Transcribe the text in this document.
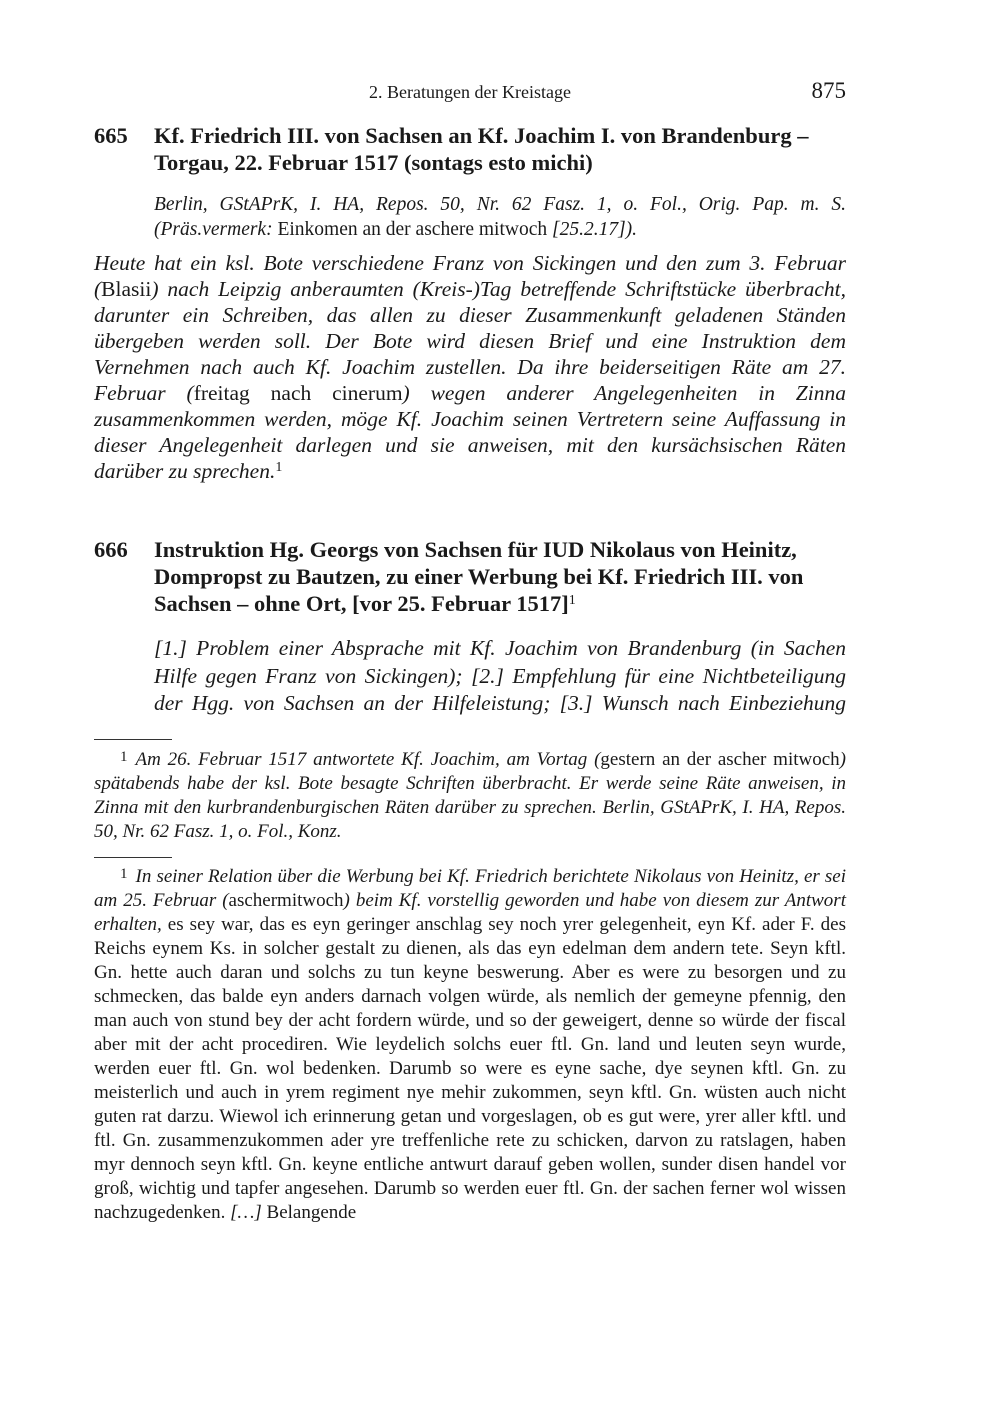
2. Beratungen der Kreistage	875
665	Kf. Friedrich III. von Sachsen an Kf. Joachim I. von Brandenburg – Torgau, 22. Februar 1517 (sontags esto michi)
Berlin, GStAPrK, I. HA, Repos. 50, Nr. 62 Fasz. 1, o. Fol., Orig. Pap. m. S. (Präs.vermerk: Einkomen an der aschere mitwoch [25.2.17]).
Heute hat ein ksl. Bote verschiedene Franz von Sickingen und den zum 3. Februar (Blasii) nach Leipzig anberaumten (Kreis-)Tag betreffende Schriftstücke überbracht, darunter ein Schreiben, das allen zu dieser Zusammenkunft geladenen Ständen übergeben werden soll. Der Bote wird diesen Brief und eine Instruktion dem Vernehmen nach auch Kf. Joachim zustellen. Da ihre beiderseitigen Räte am 27. Februar (freitag nach cinerum) wegen anderer Angelegenheiten in Zinna zusammenkommen werden, möge Kf. Joachim seinen Vertretern seine Auffassung in dieser Angelegenheit darlegen und sie anweisen, mit den kursächsischen Räten darüber zu sprechen.$^1$
666	Instruktion Hg. Georgs von Sachsen für IUD Nikolaus von Heinitz, Dompropst zu Bautzen, zu einer Werbung bei Kf. Friedrich III. von Sachsen – ohne Ort, [vor 25. Februar 1517]$^1$
[1.] Problem einer Absprache mit Kf. Joachim von Brandenburg (in Sachen Hilfe gegen Franz von Sickingen); [2.] Empfehlung für eine Nichtbeteiligung der Hgg. von Sachsen an der Hilfeleistung; [3.] Wunsch nach Einbeziehung
1 Am 26. Februar 1517 antwortete Kf. Joachim, am Vortag (gestern an der ascher mitwoch) spätabends habe der ksl. Bote besagte Schriften überbracht. Er werde seine Räte anweisen, in Zinna mit den kurbrandenburgischen Räten darüber zu sprechen. Berlin, GStAPrK, I. HA, Repos. 50, Nr. 62 Fasz. 1, o. Fol., Konz.
1 In seiner Relation über die Werbung bei Kf. Friedrich berichtete Nikolaus von Heinitz, er sei am 25. Februar (aschermitwoch) beim Kf. vorstellig geworden und habe von diesem zur Antwort erhalten, es sey war, das es eyn geringer anschlag sey noch yrer gelegenheit, eyn Kf. ader F. des Reichs eynem Ks. in solcher gestalt zu dienen, als das eyn edelman dem andern tete. Seyn kftl. Gn. hette auch daran und solchs zu tun keyne beswerung. Aber es were zu besorgen und zu schmecken, das balde eyn anders darnach volgen würde, als nemlich der gemeyne pfennig, den man auch von stund bey der acht fordern würde, und so der geweigert, denne so würde der fiscal aber mit der acht procediren. Wie leydelich solchs euer ftl. Gn. land und leuten seyn wurde, werden euer ftl. Gn. wol bedenken. Darumb so were es eyne sache, dye seynen kftl. Gn. zu meisterlich und auch in yrem regiment nye mehir zukommen, seyn kftl. Gn. wüsten auch nicht guten rat darzu. Wiewol ich erinnerung getan und vorgeslagen, ob es gut were, yrer aller kftl. und ftl. Gn. zusammenzukommen ader yre treffenliche rete zu schicken, darvon zu ratslagen, haben myr dennoch seyn kftl. Gn. keyne entliche antwurt darauf geben wollen, sunder disen handel vor groß, wichtig und tapfer angesehen. Darumb so werden euer ftl. Gn. der sachen ferner wol wissen nachzugedenken. […] Belangende
